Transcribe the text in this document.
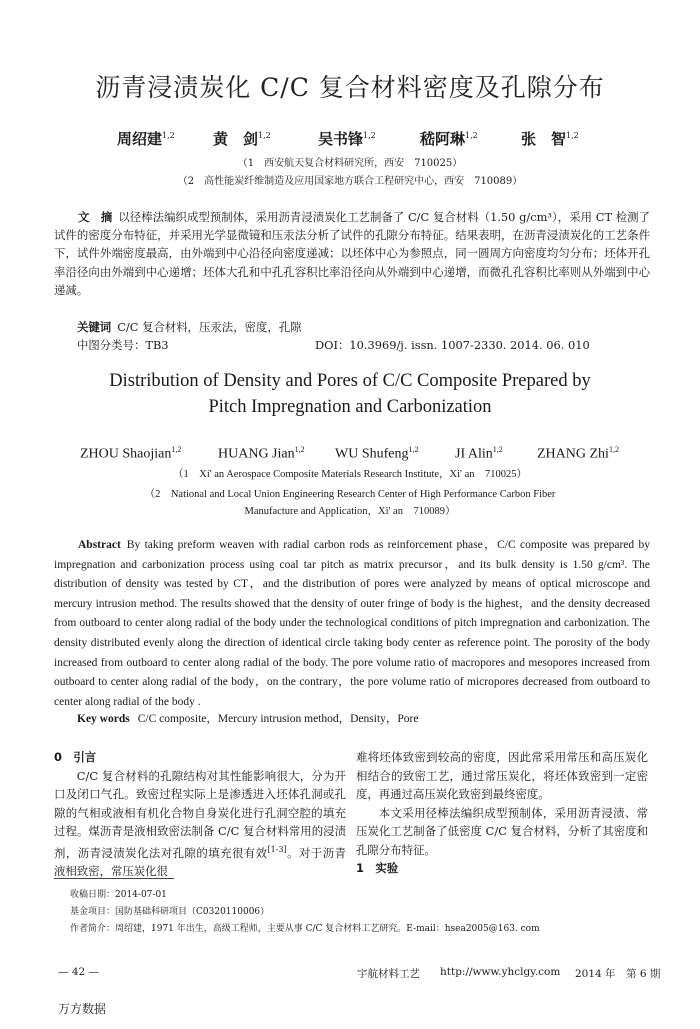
沥青浸渍炭化 C/C 复合材料密度及孔隙分布
周绍建$^{1,2}$	黄　剑$^{1,2}$	吴书锋$^{1,2}$	嵇阿琳$^{1,2}$	张　智$^{1,2}$
（1　西安航天复合材料研究所，西安　710025）
（2　高性能炭纤维制造及应用国家地方联合工程研究中心，西安　710089）
文　摘 以径棒法编织成型预制体，采用沥青浸渍炭化工艺制备了 C/C 复合材料（1.50 g/cm³），采用 CT 检测了试件的密度分布特征，并采用光学显微镜和压汞法分析了试件的孔隙分布特征。结果表明，在沥青浸渍炭化的工艺条件下，试件外端密度最高，由外端到中心沿径向密度递减；以坯体中心为参照点，同一圆周方向密度均匀分布；坯体开孔率沿径向由外端到中心递增；坯体大孔和中孔孔容积比率沿径向从外端到中心递增，而微孔孔容积比率则从外端到中心递减。
关键词 C/C 复合材料，压汞法，密度，孔隙
中图分类号：TB3	DOI：10.3969/j. issn. 1007-2330. 2014. 06. 010
Distribution of Density and Pores of C/C Composite Prepared by
Pitch Impregnation and Carbonization
ZHOU Shaojian$^{1,2}$	HUANG Jian$^{1,2}$ WU Shufeng$^{1,2}$	JI Alin$^{1,2}$ ZHANG Zhi$^{1,2}$
（1　Xi' an Aerospace Composite Materials Research Institute，Xi' an　710025）
（2　National and Local Union Engineering Research Center of High Performance Carbon Fiber
Manufacture and Application，Xi' an　710089）
Abstract By taking preform weaven with radial carbon rods as reinforcement phase，C/C composite was prepared by impregnation and carbonization process using coal tar pitch as matrix precursor，and its bulk density is 1.50 g/cm³. The distribution of density was tested by CT，and the distribution of pores were analyzed by means of optical microscope and mercury intrusion method. The results showed that the density of outer fringe of body is the highest，and the density decreased from outboard to center along radial of the body under the technological conditions of pitch impregnation and carbonization. The density distributed evenly along the direction of identical circle taking body center as reference point. The porosity of the body increased from outboard to center along radial of the body. The pore volume ratio of macropores and mesopores increased from outboard to center along radial of the body，on the contrary，the pore volume ratio of micropores decreased from outboard to center along radial of the body .
Key words C/C composite，Mercury intrusion method，Density，Pore
0　引言
C/C 复合材料的孔隙结构对其性能影响很大，分为开口及闭口气孔。致密过程实际上是渗透进入坯体孔洞或孔隙的气相或液相有机化合物自身炭化进行孔洞空腔的填充过程。煤沥青是液相致密法制备 C/C 复合材料常用的浸渍剂，沥青浸渍炭化法对孔隙的填充很有效[1-3]。对于沥青液相致密，常压炭化很
难将坯体致密到较高的密度，因此常采用常压和高压炭化相结合的致密工艺，通过常压炭化，将坯体致密到一定密度，再通过高压炭化致密到最终密度。
本文采用径棒法编织成型预制体，采用沥青浸渍、常压炭化工艺制备了低密度 C/C 复合材料，分析了其密度和孔隙分布特征。
1　实验
收稿日期：2014-07-01
基金项目：国防基础科研项目（C0320110006）
作者简介：周绍建，1971 年出生，高级工程师，主要从事 C/C 复合材料工艺研究。E-mail：hsea2005@163. com
— 42 —	宇航材料工艺 http://www.yhclgy.com 2014 年　第 6 期
万方数据
